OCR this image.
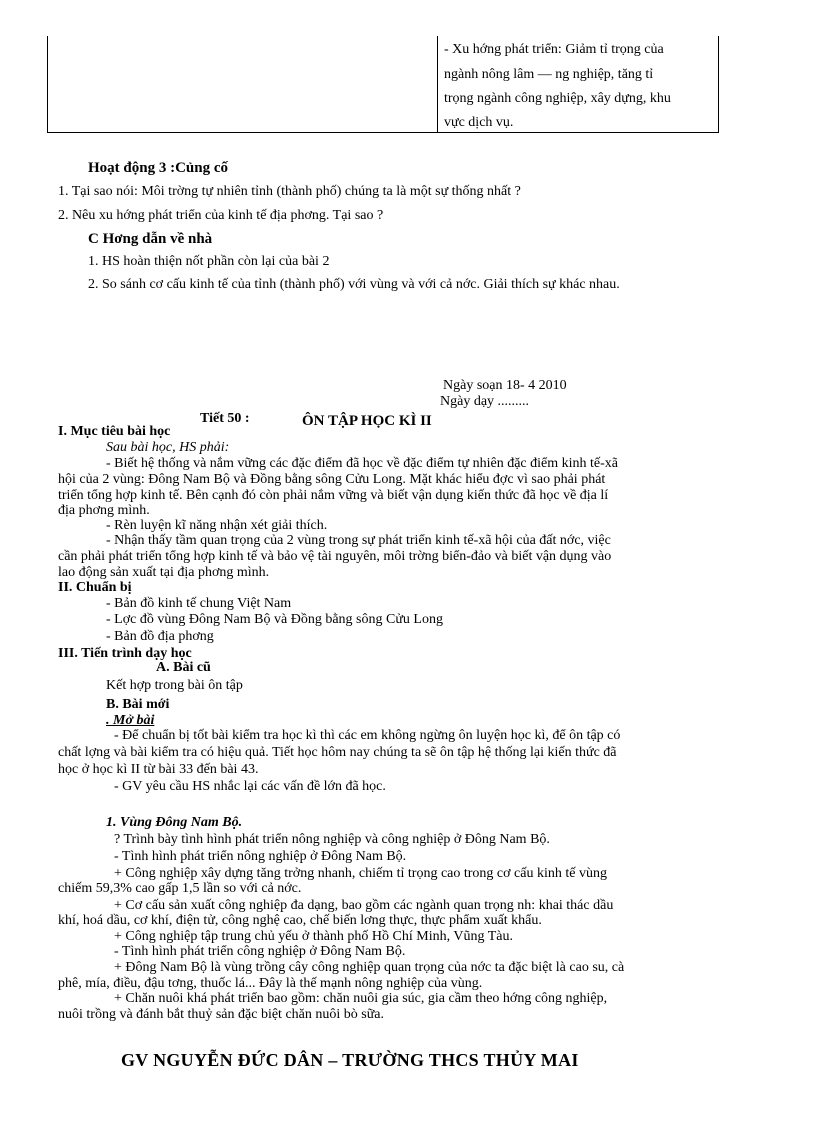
- Xu hớng phát triển: Giảm tỉ trọng của
ngành nông lâm — ng nghiệp, tăng tỉ
trọng ngành công nghiệp, xây dựng, khu
vực dịch vụ.
Hoạt động 3 :Củng cố
1. Tại sao nói: Môi trờng tự nhiên tỉnh (thành phố) chúng ta là một sự thống nhất ?
2. Nêu xu hớng phát triển của kinh tế địa phơng. Tại sao ?
C Hơng dẫn về nhà
1. HS hoàn thiện nốt phần còn lại của bài 2
2. So sánh cơ cấu kinh tế của tỉnh (thành phố) với vùng và với cả nớc. Giải thích sự khác nhau.
Ngày soạn 18- 4 2010
Ngày dạy .........
Tiết 50 :	ÔN TẬP HỌC KÌ II
I. Mục tiêu bài học
Sau bài học, HS phải:
- Biết hệ thống và nắm vững các đặc điểm đã học về đặc điểm tự nhiên đặc điểm kinh tế-xã
hội của 2 vùng: Đông Nam Bộ và Đồng bằng sông Cửu Long. Mặt khác hiểu đợc vì sao phải phát
triển tổng hợp kinh tế. Bên cạnh đó còn phải nắm vững và biết vận dụng kiến thức đã học về địa lí
địa phơng mình.
- Rèn luyện kĩ năng nhận xét giải thích.
- Nhận thấy tầm quan trọng của 2 vùng trong sự phát triển kinh tế-xã hội của đất nớc, việc
cần phải phát triển tổng hợp kinh tế và bảo vệ tài nguyên, môi trờng biển-đảo và biết vận dụng vào
lao động sản xuất tại địa phơng mình.
II. Chuẩn bị
- Bản đồ kinh tế chung Việt Nam
- Lợc đồ vùng Đông Nam Bộ và Đồng bằng sông Cửu Long
- Bản đồ địa phơng
III. Tiến trình dạy học
A. Bài cũ
Kết hợp trong bài ôn tập
B. Bài mới
. Mở bài
- Để chuẩn bị tốt bài kiểm tra học kì thì các em không ngừng ôn luyện học kì, để ôn tập có
chất lợng và bài kiểm tra có hiệu quả. Tiết học hôm nay chúng ta sẽ ôn tập hệ thống lại kiến thức đã
học ở học kì II từ bài 33 đến bài 43.
- GV yêu cầu HS nhắc lại các vấn đề lớn đã học.
1. Vùng Đông Nam Bộ.
? Trình bày tình hình phát triển nông nghiệp và công nghiệp ở Đông Nam Bộ.
- Tình hình phát triển nông nghiệp ở Đông Nam Bộ.
+ Công nghiệp xây dựng tăng trởng nhanh, chiếm tỉ trọng cao trong cơ cấu kinh tế vùng
chiếm 59,3% cao gấp 1,5 lần so với cả nớc.
+ Cơ cấu sản xuất công nghiệp đa dạng, bao gồm các ngành quan trọng nh: khai thác dầu
khí, hoá dầu, cơ khí, điện tử, công nghệ cao, chế biến lơng thực, thực phẩm xuất khẩu.
+ Công nghiệp tập trung chủ yếu ở thành phố Hồ Chí Minh, Vũng Tàu.
- Tình hình phát triển công nghiệp ở Đông Nam Bộ.
+ Đông Nam Bộ là vùng trồng cây công nghiệp quan trọng của nớc ta đặc biệt là cao su, cà
phê, mía, điều, đậu tơng, thuốc lá... Đây là thế mạnh nông nghiệp của vùng.
+ Chăn nuôi khá phát triển bao gồm: chăn nuôi gia súc, gia cầm theo hớng công nghiệp,
nuôi trồng và đánh bắt thuỷ sản đặc biệt chăn nuôi bò sữa.
GV NGUYỄN ĐỨC DÂN – TRƯỜNG THCS THỦY MAI
